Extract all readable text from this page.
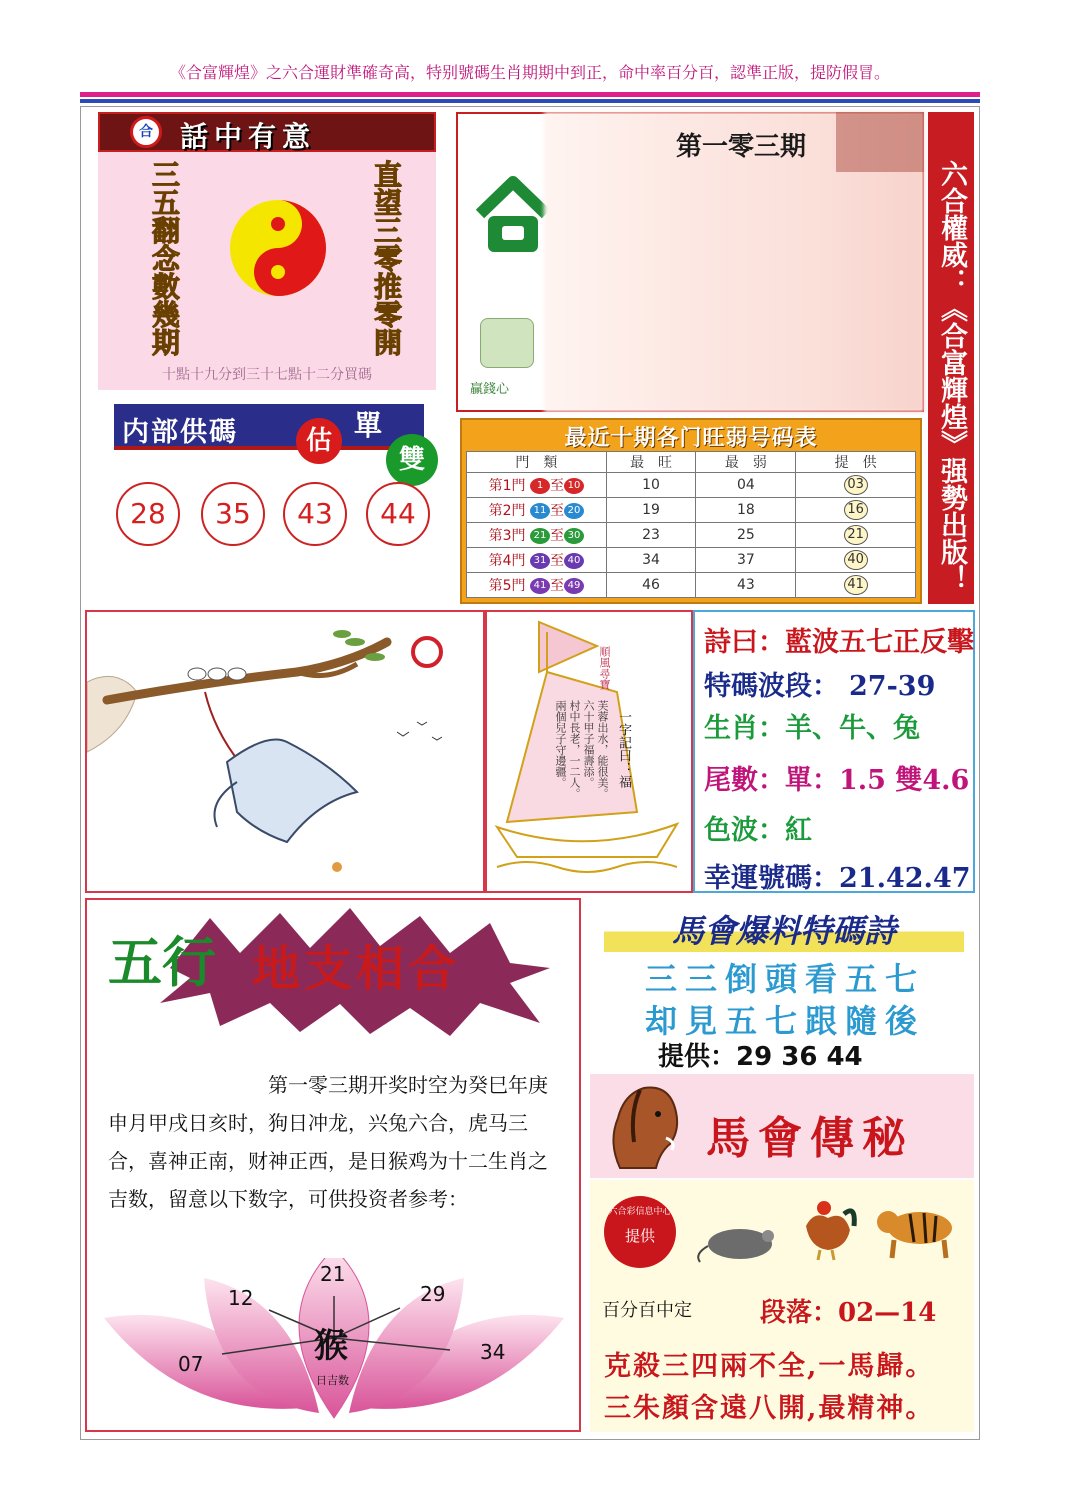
《合富輝煌》之六合運財準確奇高，特别號碼生肖期期中到正，命中率百分百，認準正版，提防假冒。
合 話中有意
三五翻念數幾期	直望三零推零開
十點十九分到三十七點十二分買碼
内部供碼	估 單
雙
28	35	43	44
贏錢心
第一零三期
六合權威：《合富輝煌》强勢出版！
最近十期各门旺弱号码表
門　類	最　旺	最　弱	提　供
第1門 1 至 10	10	04	03
第2門 11 至 20	19	18	16
第3門 21 至 30	23	25	21
第4門 31 至 40	34	37	40
第5門 41 至 49	46	43	41
順風尋寶
一字記曰：福
芙蓉出水，能很美。
六十甲子福壽添。
村中長老，一二人。
兩個兒子守邊疆。
詩曰：藍波五七正反擊
特碼波段： 27-39
生肖：羊、牛、兔
尾數：單：1.5 雙4.6
色波：紅
幸運號碼：21.42.47
五行 地支相合
第一零三期开奖时空为癸巳年庚申月甲戌日亥时，狗日冲龙，兴兔六合，虎马三合，喜神正南，财神正西，是日猴鸡为十二生肖之吉数，留意以下数字，可供投资者参考：
21
12	29
07	34
猴
日吉数
馬會爆料特碼詩
三三倒頭看五七
却見五七跟隨後
提供：29 36 44
馬會傳秘
六合彩信息中心
提供
百分百中定	段落：02—14
克殺三四兩不全,一馬歸。
三朱顏含遠八開,最精神。
